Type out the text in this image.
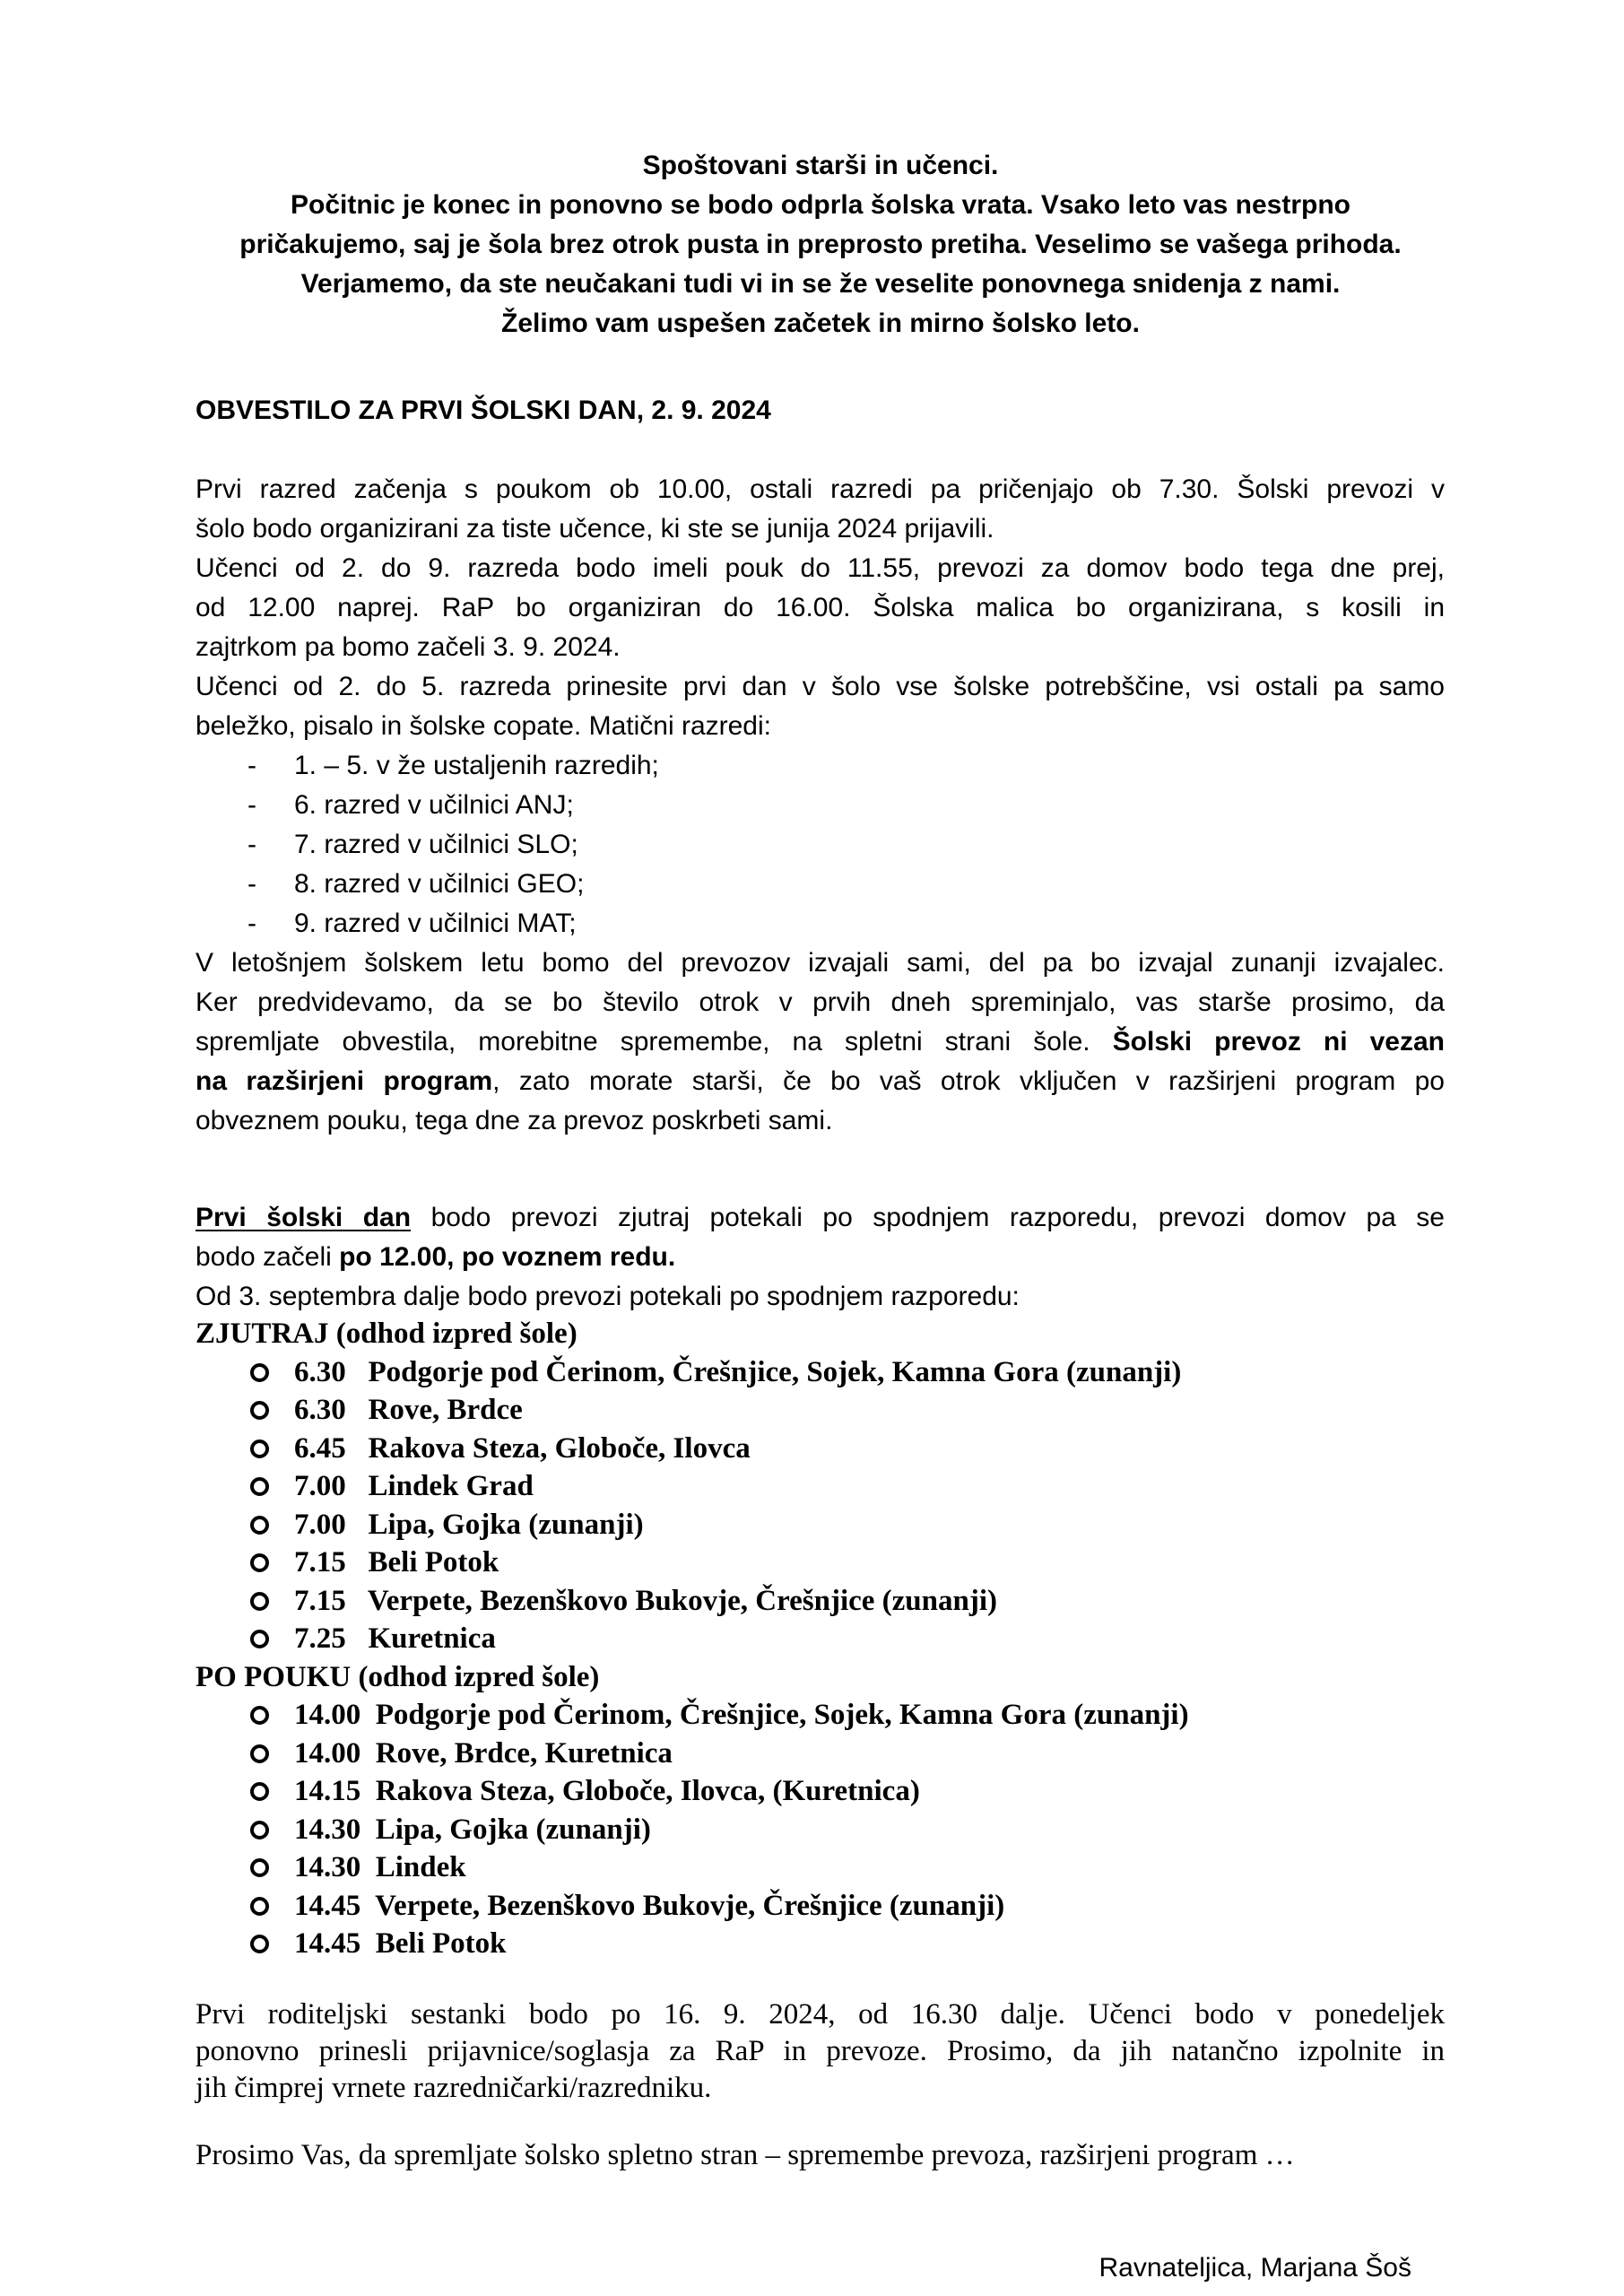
Spoštovani starši in učenci.
Počitnic je konec in ponovno se bodo odprla šolska vrata. Vsako leto vas nestrpno
pričakujemo, saj je šola brez otrok pusta in preprosto pretiha. Veselimo se vašega prihoda.
Verjamemo, da ste neučakani tudi vi in se že veselite ponovnega snidenja z nami.
Želimo vam uspešen začetek in mirno šolsko leto.
OBVESTILO ZA PRVI ŠOLSKI DAN, 2. 9. 2024
Prvi razred začenja s poukom ob 10.00, ostali razredi pa pričenjajo ob 7.30. Šolski prevozi v
šolo bodo organizirani za tiste učence, ki ste se junija 2024 prijavili.
Učenci od 2. do 9. razreda bodo imeli pouk do 11.55, prevozi za domov bodo tega dne prej,
od 12.00 naprej. RaP bo organiziran do 16.00. Šolska malica bo organizirana, s kosili in
zajtrkom pa bomo začeli 3. 9. 2024.
Učenci od 2. do 5. razreda prinesite prvi dan v šolo vse šolske potrebščine, vsi ostali pa samo
beležko, pisalo in šolske copate. Matični razredi:
- 1. – 5. v že ustaljenih razredih;
- 6. razred v učilnici ANJ;
- 7. razred v učilnici SLO;
- 8. razred v učilnici GEO;
- 9. razred v učilnici MAT;
V letošnjem šolskem letu bomo del prevozov izvajali sami, del pa bo izvajal zunanji izvajalec.
Ker predvidevamo, da se bo število otrok v prvih dneh spreminjalo, vas starše prosimo, da
spremljate obvestila, morebitne spremembe, na spletni strani šole. Šolski prevoz ni vezan
na razširjeni program, zato morate starši, če bo vaš otrok vključen v razširjeni program po
obveznem pouku, tega dne za prevoz poskrbeti sami.
Prvi šolski dan bodo prevozi zjutraj potekali po spodnjem razporedu, prevozi domov pa se
bodo začeli po 12.00, po voznem redu.
Od 3. septembra dalje bodo prevozi potekali po spodnjem razporedu:
ZJUTRAJ (odhod izpred šole)
6.30 Podgorje pod Čerinom, Črešnjice, Sojek, Kamna Gora (zunanji)
6.30 Rove, Brdce
6.45 Rakova Steza, Globoče, Ilovca
7.00 Lindek Grad
7.00   Lipa, Gojka (zunanji)
7.15 Beli Potok
7.15   Verpete, Bezenškovo Bukovje, Črešnjice (zunanji)
7.25   Kuretnica
PO POUKU (odhod izpred šole)
14.00  Podgorje pod Čerinom, Črešnjice, Sojek, Kamna Gora (zunanji)
14.00  Rove, Brdce, Kuretnica
14.15 Rakova Steza, Globoče, Ilovca, (Kuretnica)
14.30 Lipa, Gojka (zunanji)
14.30 Lindek
14.45  Verpete, Bezenškovo Bukovje, Črešnjice (zunanji)
14.45 Beli Potok
Prvi roditeljski sestanki bodo po 16. 9. 2024, od 16.30 dalje. Učenci bodo v ponedeljek
ponovno prinesli prijavnice/soglasja za RaP in prevoze. Prosimo, da jih natančno izpolnite in
jih čimprej vrnete razredničarki/razredniku.
Prosimo Vas, da spremljate šolsko spletno stran – spremembe prevoza, razširjeni program …
Ravnateljica, Marjana Šoš
